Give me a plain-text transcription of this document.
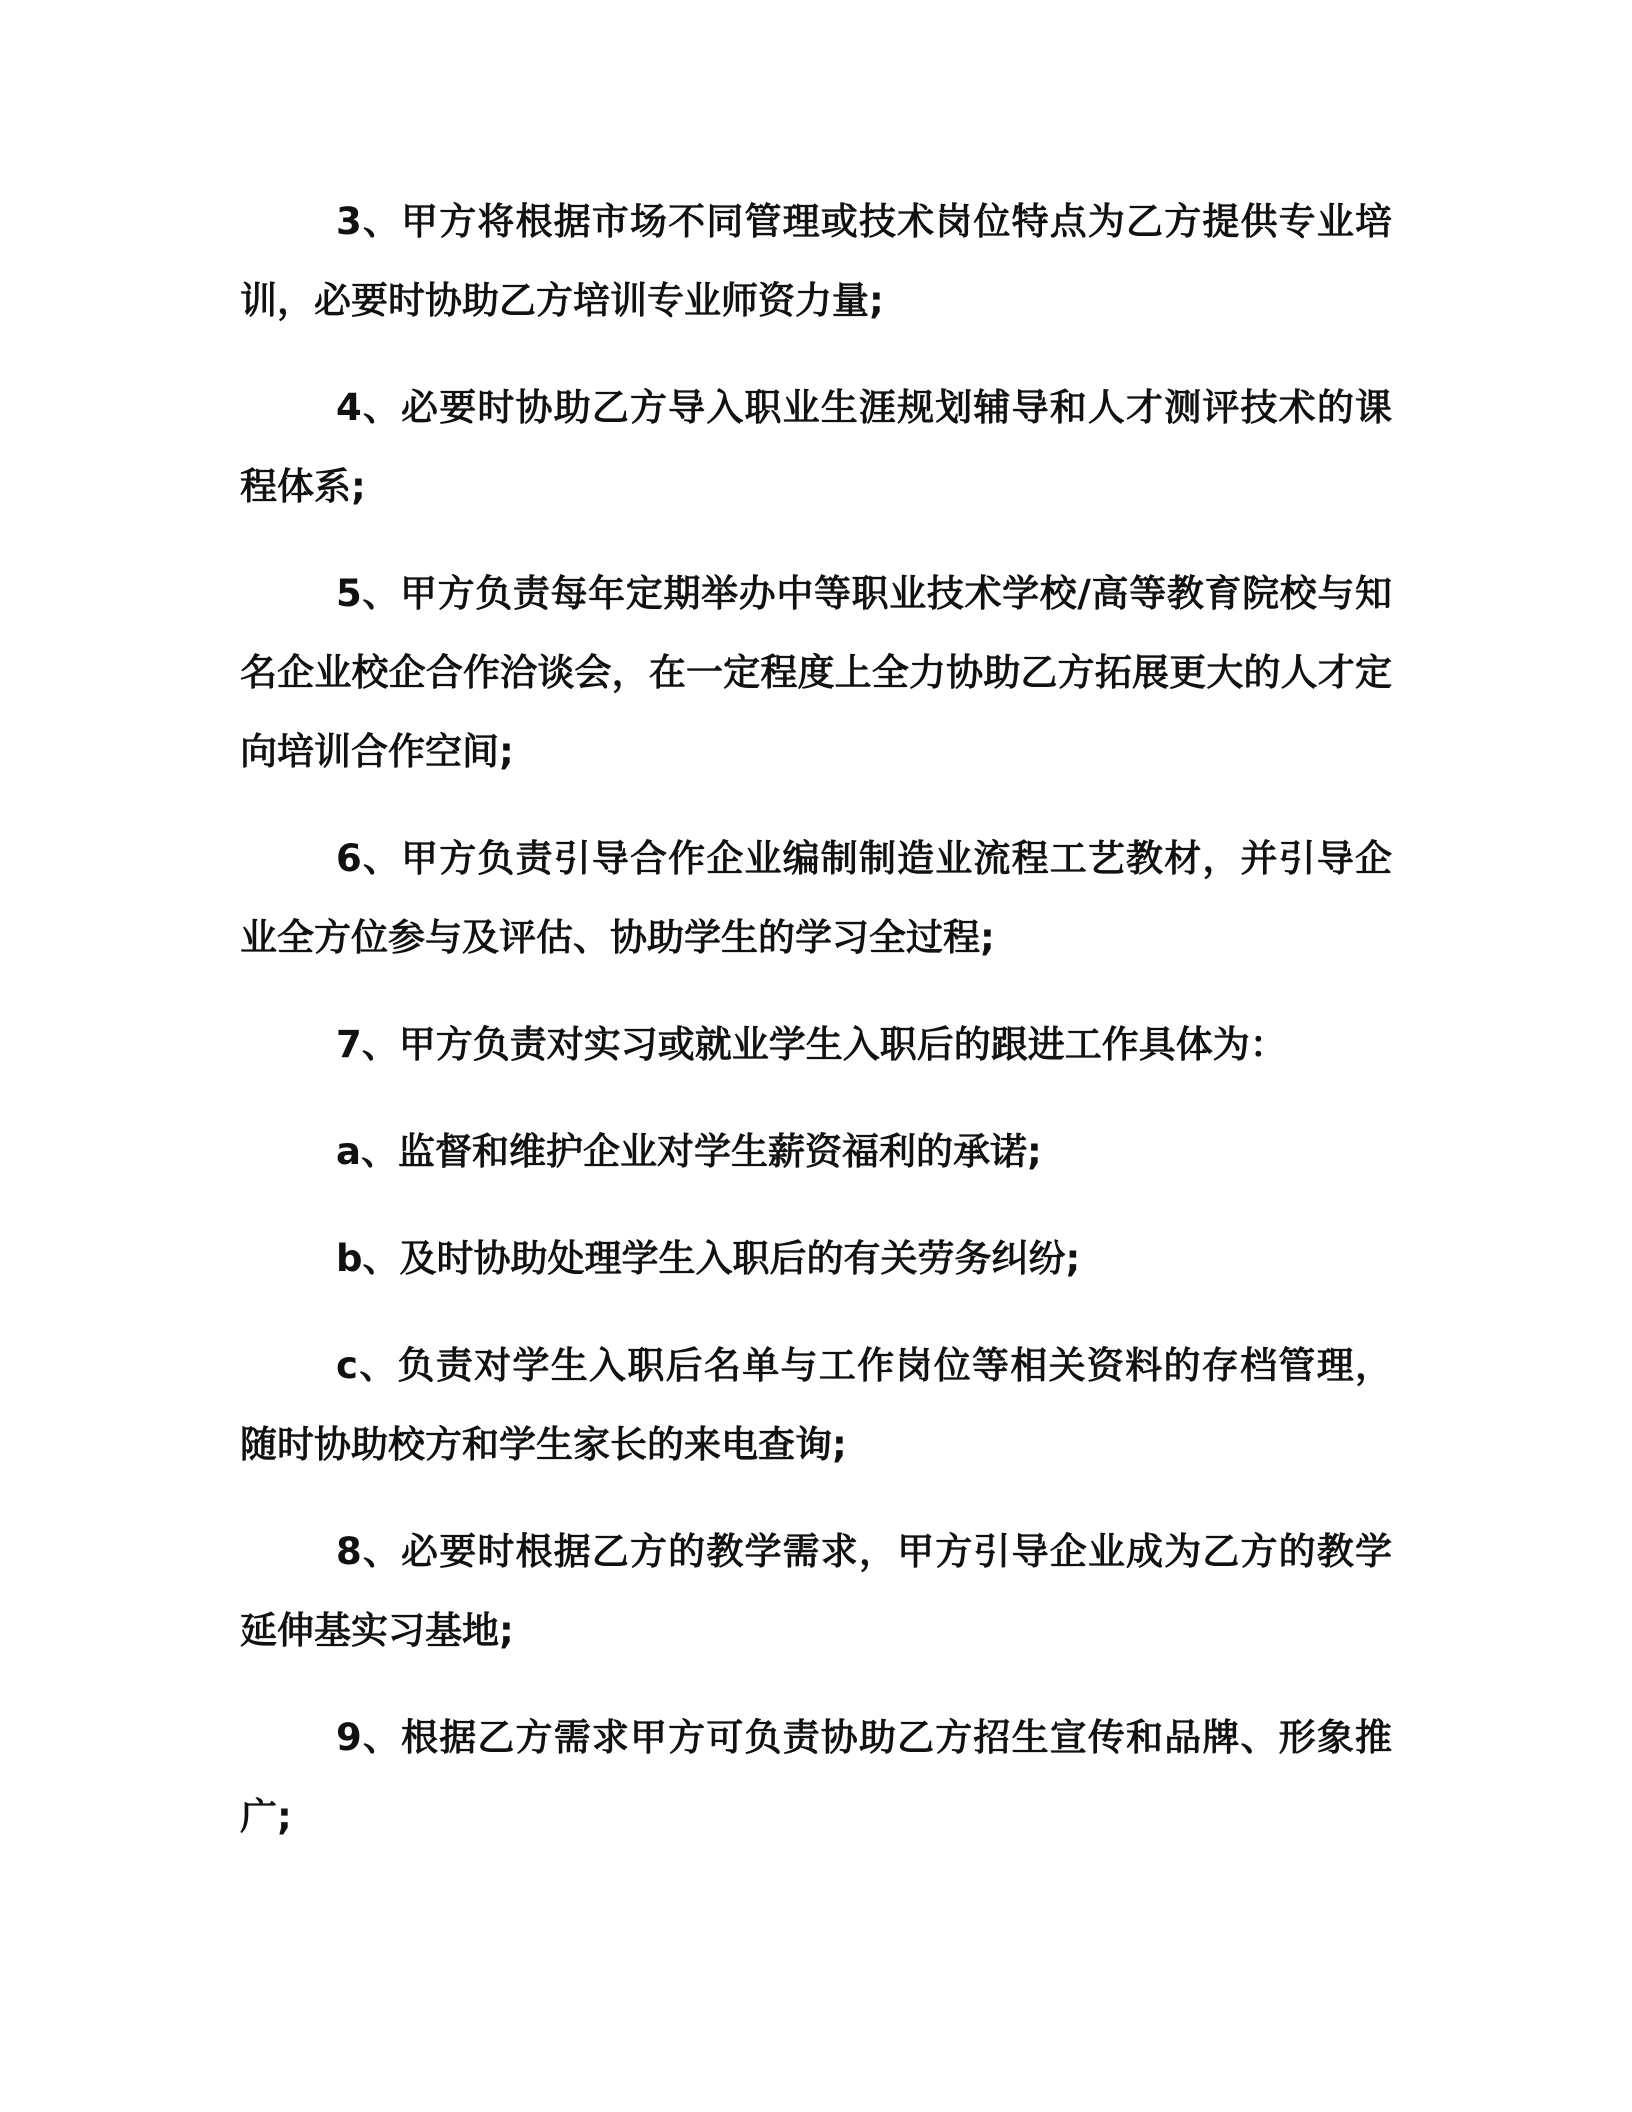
3、甲方将根据市场不同管理或技术岗位特点为乙方提供专业培训，必要时协助乙方培训专业师资力量;

4、必要时协助乙方导入职业生涯规划辅导和人才测评技术的课程体系;

5、甲方负责每年定期举办中等职业技术学校/高等教育院校与知名企业校企合作洽谈会，在一定程度上全力协助乙方拓展更大的人才定向培训合作空间;

6、甲方负责引导合作企业编制制造业流程工艺教材，并引导企业全方位参与及评估、协助学生的学习全过程;

7、甲方负责对实习或就业学生入职后的跟进工作具体为：

a、监督和维护企业对学生薪资福利的承诺;

b、及时协助处理学生入职后的有关劳务纠纷;

c、负责对学生入职后名单与工作岗位等相关资料的存档管理，随时协助校方和学生家长的来电查询;

8、必要时根据乙方的教学需求，甲方引导企业成为乙方的教学延伸基实习基地;

9、根据乙方需求甲方可负责协助乙方招生宣传和品牌、形象推广;
